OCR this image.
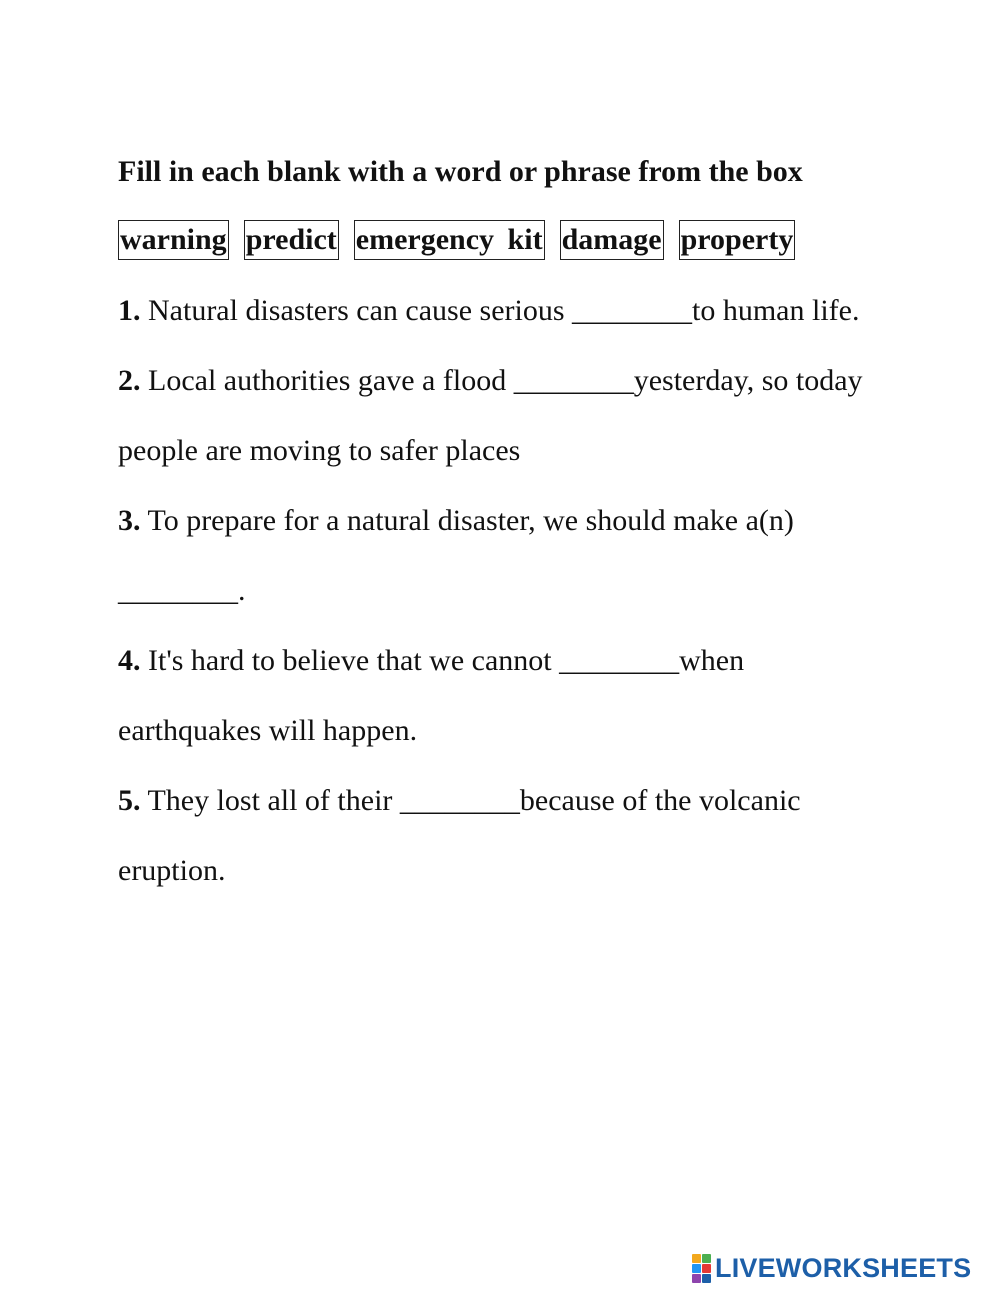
Fill in each blank with a word or phrase from the box

warning predict emergency kit damage property

1. Natural disasters can cause serious ________to human life.

2. Local authorities gave a flood ________yesterday, so today people are moving to safer places

3. To prepare for a natural disaster, we should make a(n) ________.

4. It's hard to believe that we cannot ________when earthquakes will happen.

5. They lost all of their ________because of the volcanic eruption.

LIVEWORKSHEETS
